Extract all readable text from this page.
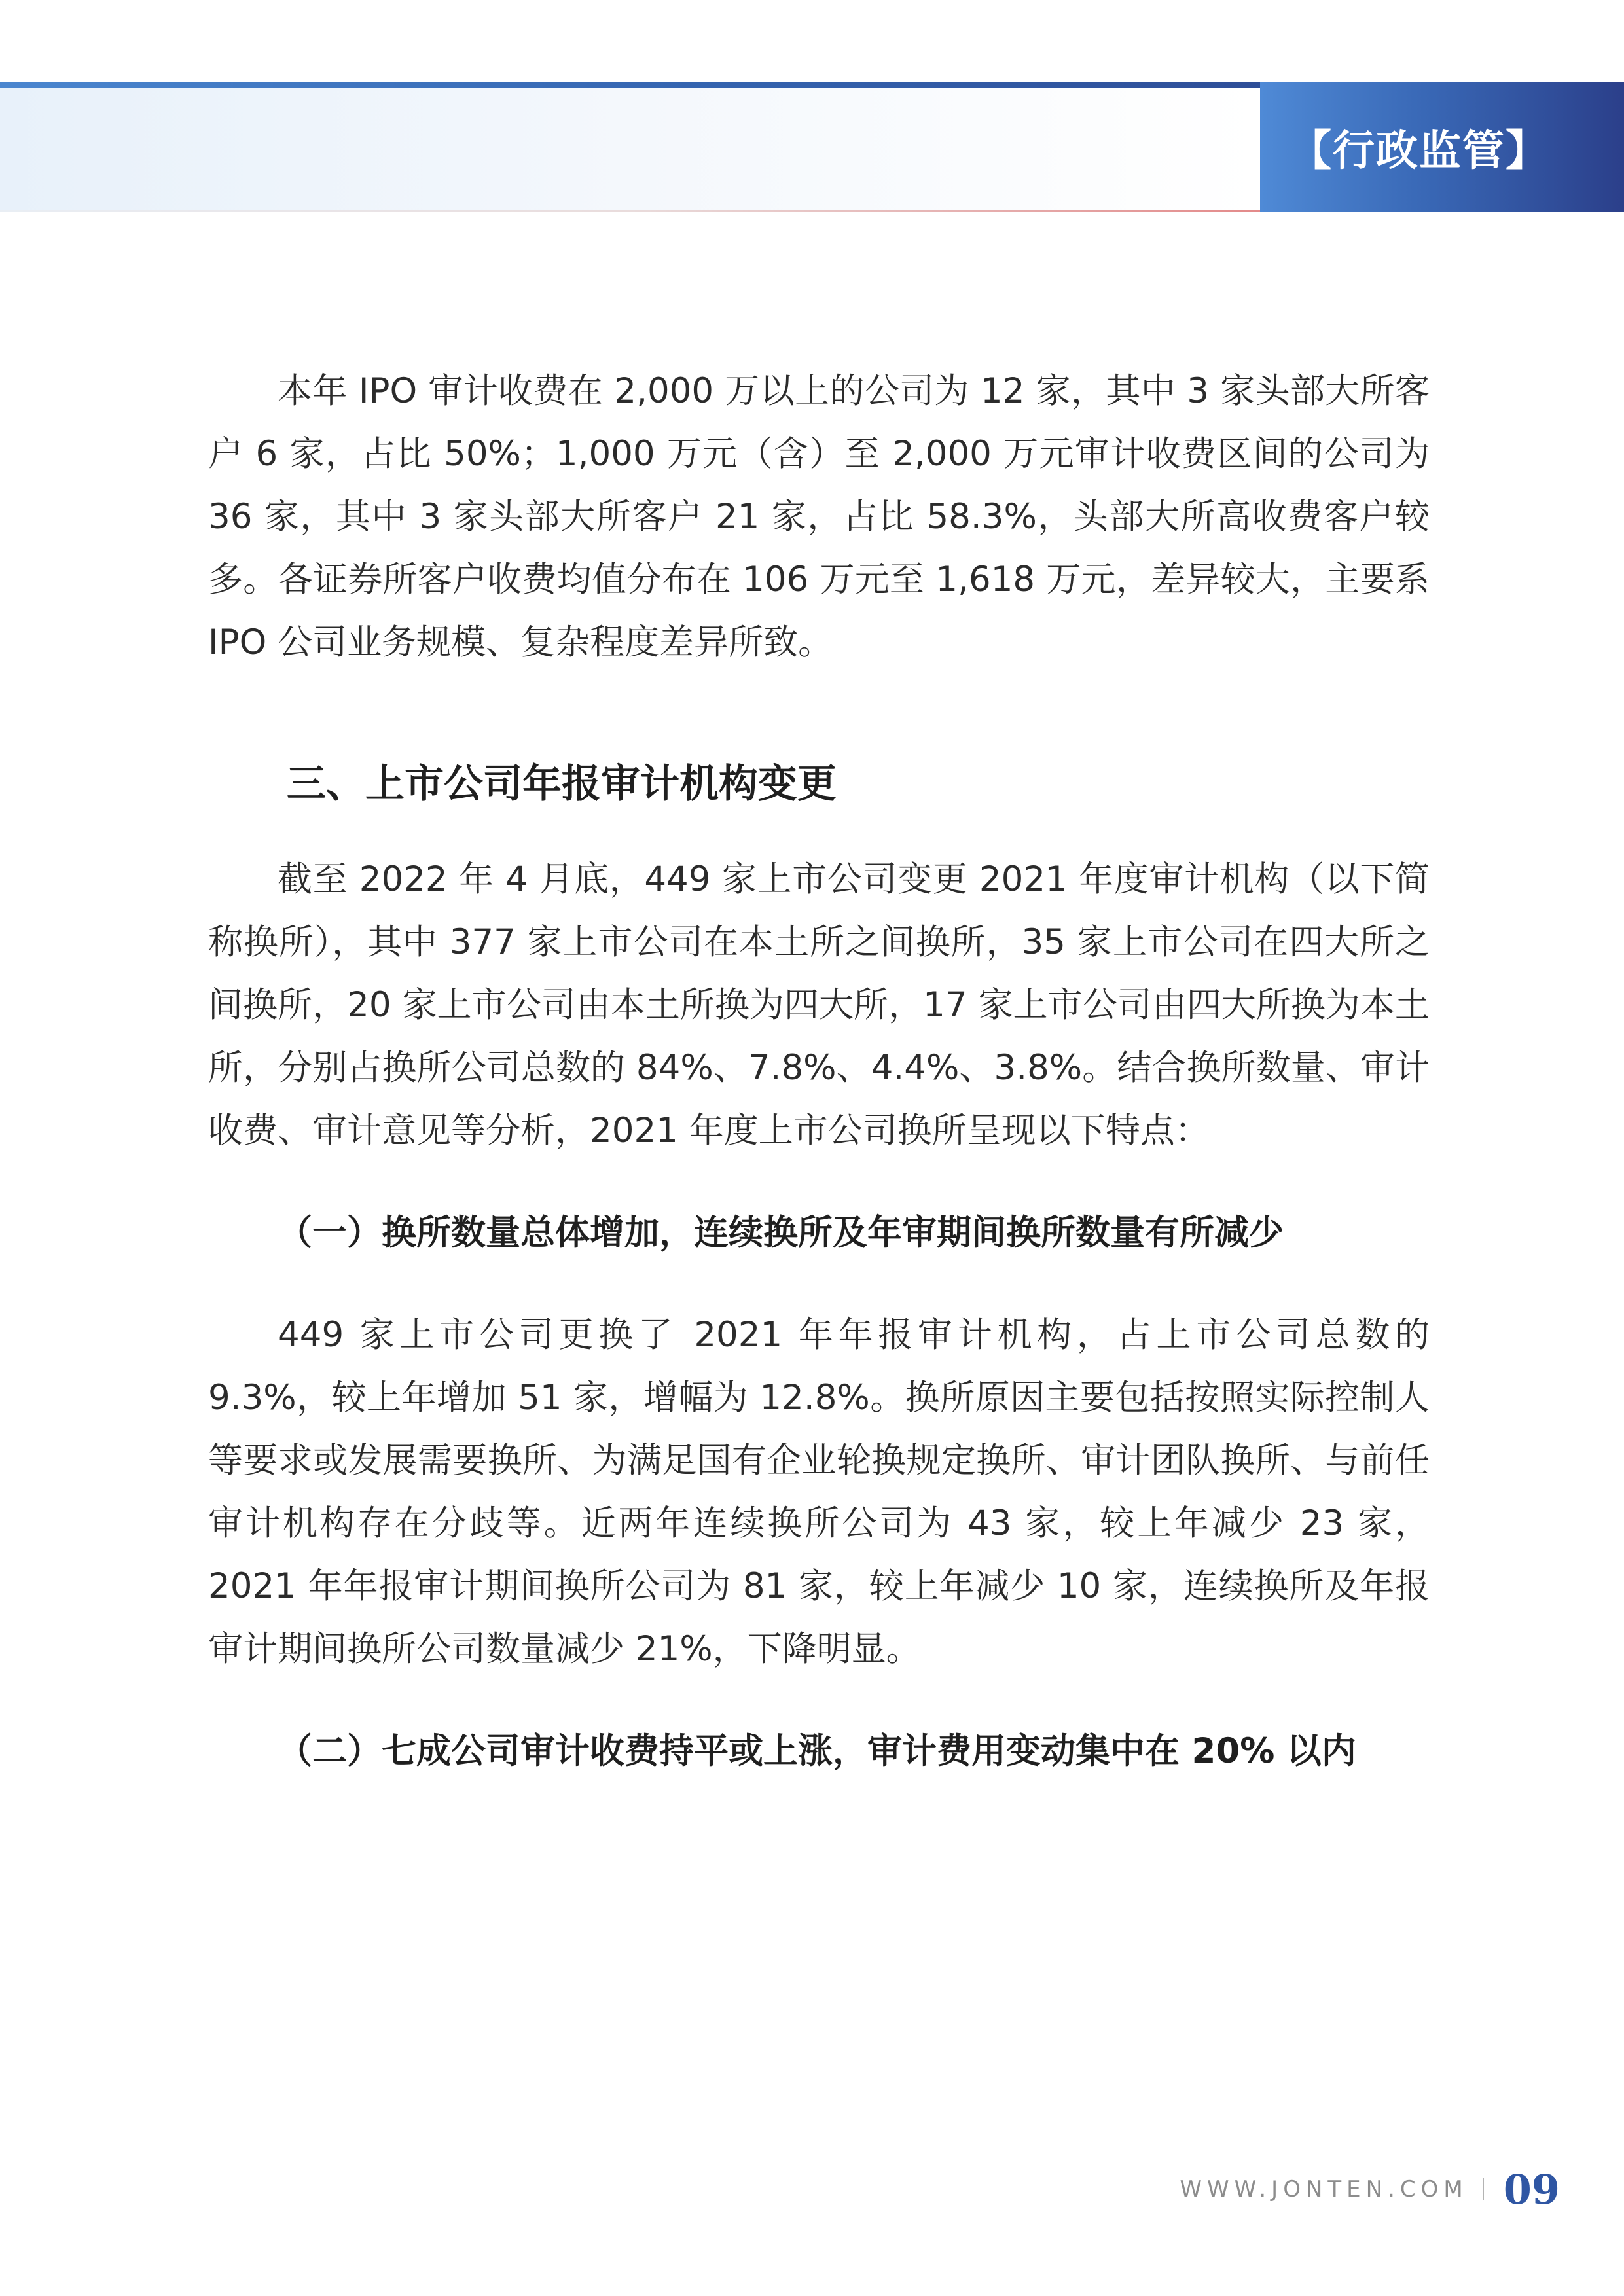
【行政监管】

本年 IPO 审计收费在 2,000 万以上的公司为 12 家，其中 3 家头部大所客户 6 家，占比 50%；1,000 万元（含）至 2,000 万元审计收费区间的公司为 36 家，其中 3 家头部大所客户 21 家，占比 58.3%，头部大所高收费客户较多。各证券所客户收费均值分布在 106 万元至 1,618 万元，差异较大，主要系 IPO 公司业务规模、复杂程度差异所致。

三、上市公司年报审计机构变更

截至 2022 年 4 月底，449 家上市公司变更 2021 年度审计机构（以下简称换所），其中 377 家上市公司在本土所之间换所，35 家上市公司在四大所之间换所，20 家上市公司由本土所换为四大所，17 家上市公司由四大所换为本土所，分别占换所公司总数的 84%、7.8%、4.4%、3.8%。结合换所数量、审计收费、审计意见等分析，2021 年度上市公司换所呈现以下特点：

（一）换所数量总体增加，连续换所及年审期间换所数量有所减少

449 家上市公司更换了 2021 年年报审计机构，占上市公司总数的 9.3%，较上年增加 51 家，增幅为 12.8%。换所原因主要包括按照实际控制人等要求或发展需要换所、为满足国有企业轮换规定换所、审计团队换所、与前任审计机构存在分歧等。近两年连续换所公司为 43 家，较上年减少 23 家，2021 年年报审计期间换所公司为 81 家，较上年减少 10 家，连续换所及年报审计期间换所公司数量减少 21%，下降明显。

（二）七成公司审计收费持平或上涨，审计费用变动集中在 20% 以内
WWW.JONTEN.COM 09
